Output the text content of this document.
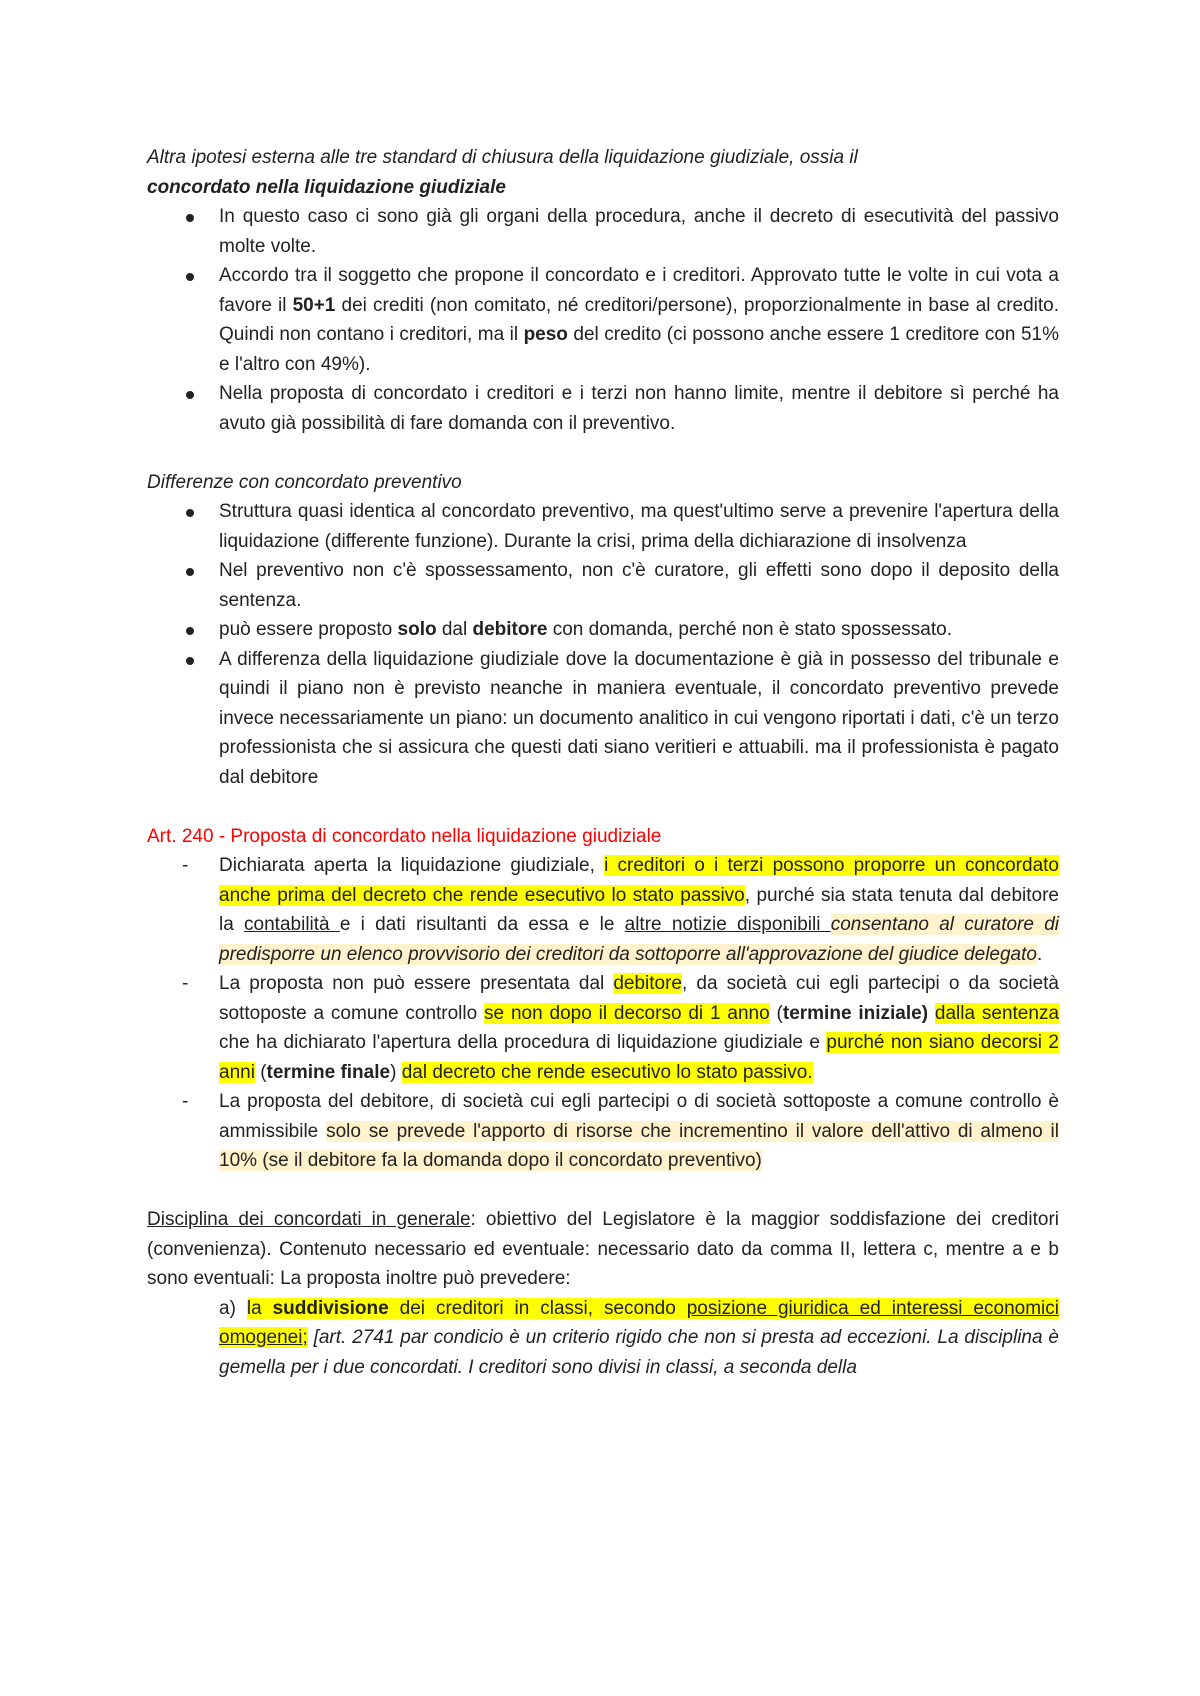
Altra ipotesi esterna alle tre standard di chiusura della liquidazione giudiziale, ossia il
concordato nella liquidazione giudiziale

In questo caso ci sono già gli organi della procedura, anche il decreto di esecutività del passivo molte volte.
Accordo tra il soggetto che propone il concordato e i creditori. Approvato tutte le volte in cui vota a favore il 50+1 dei crediti (non comitato, né creditori/persone), proporzionalmente in base al credito. Quindi non contano i creditori, ma il peso del credito (ci possono anche essere 1 creditore con 51% e l'altro con 49%).
Nella proposta di concordato i creditori e i terzi non hanno limite, mentre il debitore sì perché ha avuto già possibilità di fare domanda con il preventivo.

Differenze con concordato preventivo

Struttura quasi identica al concordato preventivo, ma quest'ultimo serve a prevenire l'apertura della liquidazione (differente funzione). Durante la crisi, prima della dichiarazione di insolvenza
Nel preventivo non c'è spossessamento, non c'è curatore, gli effetti sono dopo il deposito della sentenza.
può essere proposto solo dal debitore con domanda, perché non è stato spossessato.
A differenza della liquidazione giudiziale dove la documentazione è già in possesso del tribunale e quindi il piano non è previsto neanche in maniera eventuale, il concordato preventivo prevede invece necessariamente un piano: un documento analitico in cui vengono riportati i dati, c'è un terzo professionista che si assicura che questi dati siano veritieri e attuabili. ma il professionista è pagato dal debitore

Art. 240 - Proposta di concordato nella liquidazione giudiziale

-	Dichiarata aperta la liquidazione giudiziale, i creditori o i terzi possono proporre un concordato anche prima del decreto che rende esecutivo lo stato passivo, purché sia stata tenuta dal debitore la contabilità e i dati risultanti da essa e le altre notizie disponibili consentano al curatore di predisporre un elenco provvisorio dei creditori da sottoporre all'approvazione del giudice delegato.
-	La proposta non può essere presentata dal debitore, da società cui egli partecipi o da società sottoposte a comune controllo se non dopo il decorso di 1 anno (termine iniziale) dalla sentenza che ha dichiarato l'apertura della procedura di liquidazione giudiziale e purché non siano decorsi 2 anni (termine finale) dal decreto che rende esecutivo lo stato passivo.
-	La proposta del debitore, di società cui egli partecipi o di società sottoposte a comune controllo è ammissibile solo se prevede l'apporto di risorse che incrementino il valore dell'attivo di almeno il 10% (se il debitore fa la domanda dopo il concordato preventivo)

Disciplina dei concordati in generale: obiettivo del Legislatore è la maggior soddisfazione dei creditori (convenienza). Contenuto necessario ed eventuale: necessario dato da comma II, lettera c, mentre a e b sono eventuali: La proposta inoltre può prevedere:

a) la suddivisione dei creditori in classi, secondo posizione giuridica ed interessi economici omogenei; [art. 2741 par condicio è un criterio rigido che non si presta ad eccezioni. La disciplina è gemella per i due concordati. I creditori sono divisi in classi, a seconda della
